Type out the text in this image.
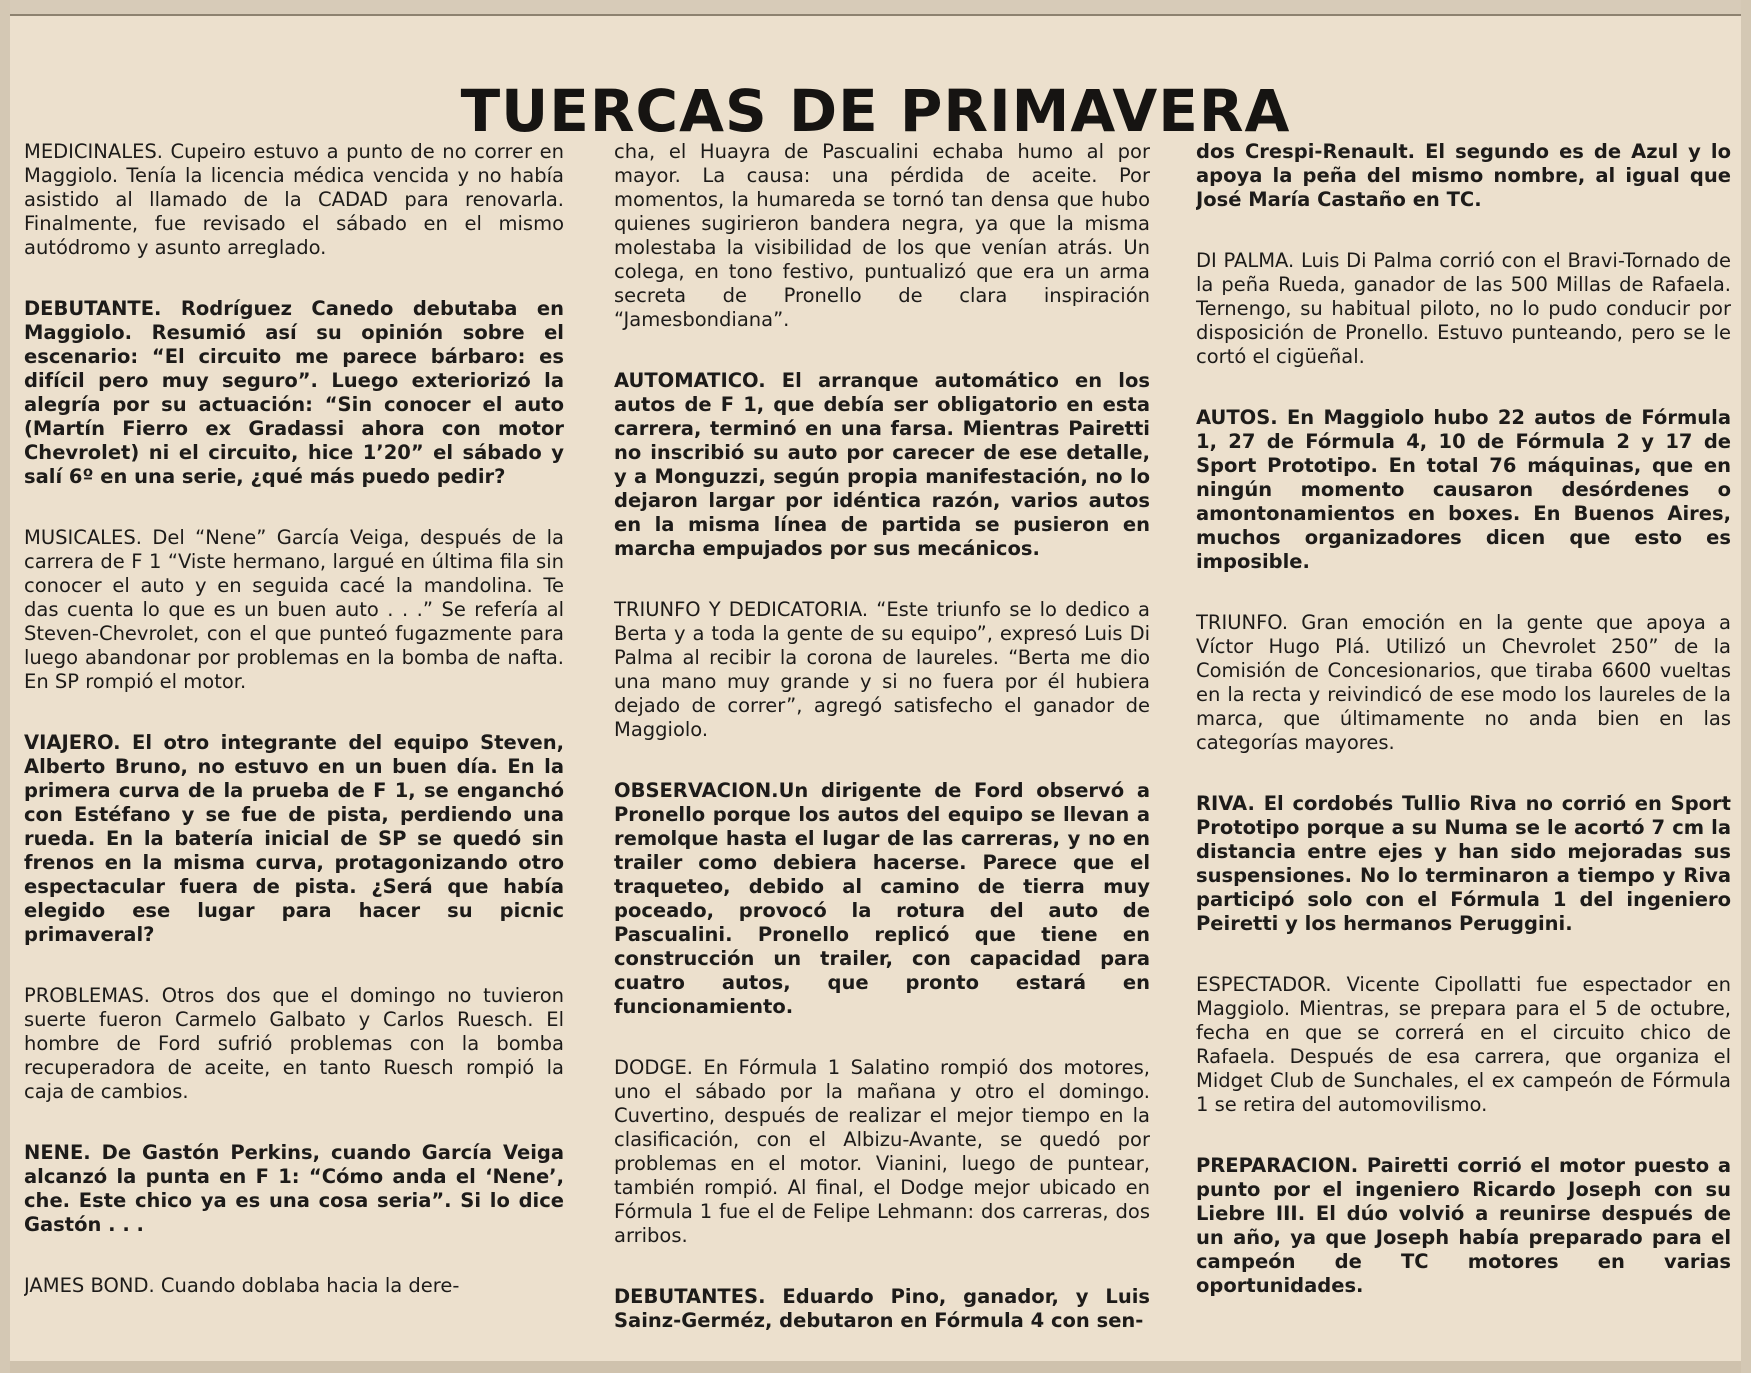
TUERCAS DE PRIMAVERA

MEDICINALES. Cupeiro estuvo a punto de no correr en Maggiolo. Tenía la licencia médica vencida y no había asistido al llamado de la CADAD para renovarla. Finalmente, fue revisado el sábado en el mismo autódromo y asunto arreglado.

DEBUTANTE. Rodríguez Canedo debutaba en Maggiolo. Resumió así su opinión sobre el escenario: “El circuito me parece bárbaro: es difícil pero muy seguro”. Luego exteriorizó la alegría por su actuación: “Sin conocer el auto (Martín Fierro ex Gradassi ahora con motor Chevrolet) ni el circuito, hice 1’20” el sábado y salí 6º en una serie, ¿qué más puedo pedir?

MUSICALES. Del “Nene” García Veiga, después de la carrera de F 1 “Viste hermano, largué en última fila sin conocer el auto y en seguida cacé la mandolina. Te das cuenta lo que es un buen auto . . .” Se refería al Steven-Chevrolet, con el que punteó fugazmente para luego abandonar por problemas en la bomba de nafta. En SP rompió el motor.

VIAJERO. El otro integrante del equipo Steven, Alberto Bruno, no estuvo en un buen día. En la primera curva de la prueba de F 1, se enganchó con Estéfano y se fue de pista, perdiendo una rueda. En la batería inicial de SP se quedó sin frenos en la misma curva, protagonizando otro espectacular fuera de pista. ¿Será que había elegido ese lugar para hacer su picnic primaveral?

PROBLEMAS. Otros dos que el domingo no tuvieron suerte fueron Carmelo Galbato y Carlos Ruesch. El hombre de Ford sufrió problemas con la bomba recuperadora de aceite, en tanto Ruesch rompió la caja de cambios.

NENE. De Gastón Perkins, cuando García Veiga alcanzó la punta en F 1: “Cómo anda el ‘Nene’, che. Este chico ya es una cosa seria”. Si lo dice Gastón . . .

JAMES BOND. Cuando doblaba hacia la dere-

cha, el Huayra de Pascualini echaba humo al por mayor. La causa: una pérdida de aceite. Por momentos, la humareda se tornó tan densa que hubo quienes sugirieron bandera negra, ya que la misma molestaba la visibilidad de los que venían atrás. Un colega, en tono festivo, puntualizó que era un arma secreta de Pronello de clara inspiración “Jamesbondiana”.

AUTOMATICO. El arranque automático en los autos de F 1, que debía ser obligatorio en esta carrera, terminó en una farsa. Mientras Pairetti no inscribió su auto por carecer de ese detalle, y a Monguzzi, según propia manifestación, no lo dejaron largar por idéntica razón, varios autos en la misma línea de partida se pusieron en marcha empujados por sus mecánicos.

TRIUNFO Y DEDICATORIA. “Este triunfo se lo dedico a Berta y a toda la gente de su equipo”, expresó Luis Di Palma al recibir la corona de laureles. “Berta me dio una mano muy grande y si no fuera por él hubiera dejado de correr”, agregó satisfecho el ganador de Maggiolo.

OBSERVACION.Un dirigente de Ford observó a Pronello porque los autos del equipo se llevan a remolque hasta el lugar de las carreras, y no en trailer como debiera hacerse. Parece que el traqueteo, debido al camino de tierra muy poceado, provocó la rotura del auto de Pascualini. Pronello replicó que tiene en construcción un trailer, con capacidad para cuatro autos, que pronto estará en funcionamiento.

DODGE. En Fórmula 1 Salatino rompió dos motores, uno el sábado por la mañana y otro el domingo. Cuvertino, después de realizar el mejor tiempo en la clasificación, con el Albizu-Avante, se quedó por problemas en el motor. Vianini, luego de puntear, también rompió. Al final, el Dodge mejor ubicado en Fórmula 1 fue el de Felipe Lehmann: dos carreras, dos arribos.

DEBUTANTES. Eduardo Pino, ganador, y Luis Sainz-Germéz, debutaron en Fórmula 4 con sen-

dos Crespi-Renault. El segundo es de Azul y lo apoya la peña del mismo nombre, al igual que José María Castaño en TC.

DI PALMA. Luis Di Palma corrió con el Bravi-Tornado de la peña Rueda, ganador de las 500 Millas de Rafaela. Ternengo, su habitual piloto, no lo pudo conducir por disposición de Pronello. Estuvo punteando, pero se le cortó el cigüeñal.

AUTOS. En Maggiolo hubo 22 autos de Fórmula 1, 27 de Fórmula 4, 10 de Fórmula 2 y 17 de Sport Prototipo. En total 76 máquinas, que en ningún momento causaron desórdenes o amontonamientos en boxes. En Buenos Aires, muchos organizadores dicen que esto es imposible.

TRIUNFO. Gran emoción en la gente que apoya a Víctor Hugo Plá. Utilizó un Chevrolet 250” de la Comisión de Concesionarios, que tiraba 6600 vueltas en la recta y reivindicó de ese modo los laureles de la marca, que últimamente no anda bien en las categorías mayores.

RIVA. El cordobés Tullio Riva no corrió en Sport Prototipo porque a su Numa se le acortó 7 cm la distancia entre ejes y han sido mejoradas sus suspensiones. No lo terminaron a tiempo y Riva participó solo con el Fórmula 1 del ingeniero Peiretti y los hermanos Peruggini.

ESPECTADOR. Vicente Cipollatti fue espectador en Maggiolo. Mientras, se prepara para el 5 de octubre, fecha en que se correrá en el circuito chico de Rafaela. Después de esa carrera, que organiza el Midget Club de Sunchales, el ex campeón de Fórmula 1 se retira del automovilismo.

PREPARACION. Pairetti corrió el motor puesto a punto por el ingeniero Ricardo Joseph con su Liebre III. El dúo volvió a reunirse después de un año, ya que Joseph había preparado para el campeón de TC motores en varias oportunidades.
